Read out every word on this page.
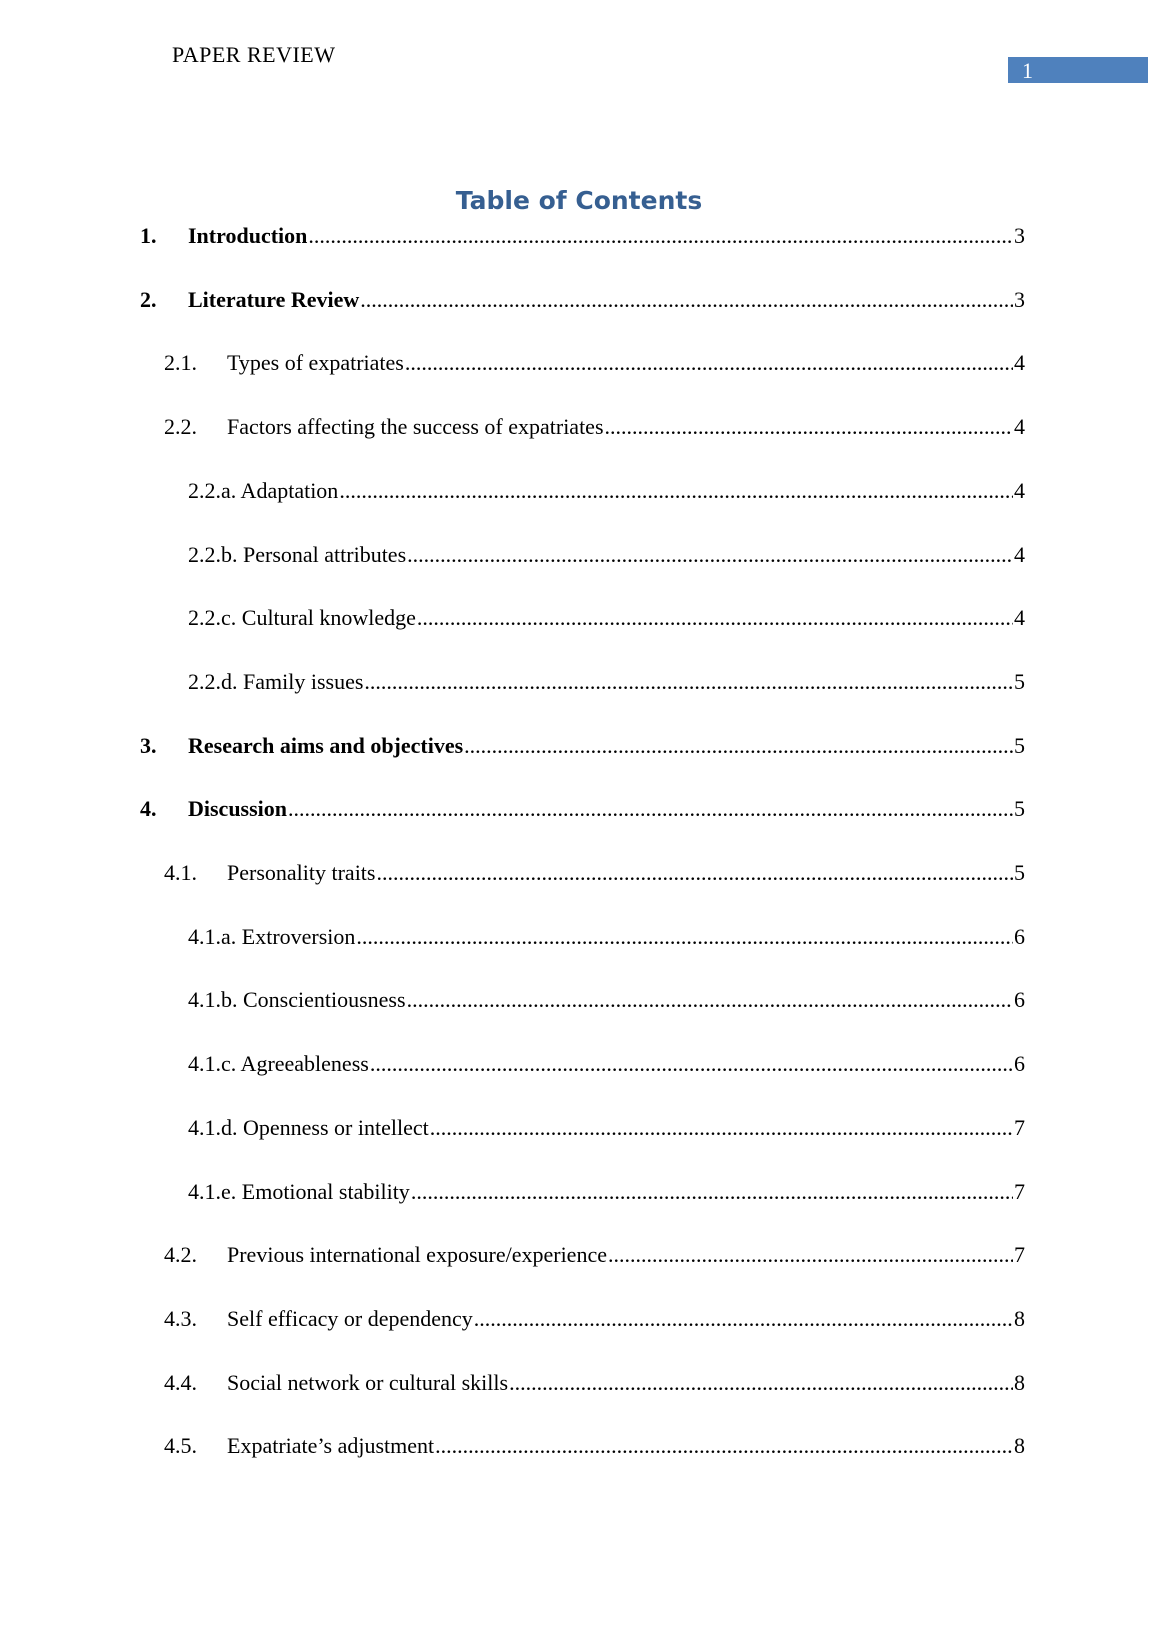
PAPER REVIEW
1
Table of Contents
1.	Introduction .....	3
2.	Literature Review .....	3
2.1.	Types of expatriates .....	4
2.2.	Factors affecting the success of expatriates .....	4
2.2.a. Adaptation .....	4
2.2.b. Personal attributes .....	4
2.2.c. Cultural knowledge .....	4
2.2.d. Family issues .....	5
3.	Research aims and objectives .....	5
4.	Discussion .....	5
4.1.	Personality traits .....	5
4.1.a. Extroversion .....	6
4.1.b. Conscientiousness .....	6
4.1.c. Agreeableness .....	6
4.1.d. Openness or intellect .....	7
4.1.e. Emotional stability .....	7
4.2.	Previous international exposure/experience .....	7
4.3.	Self efficacy or dependency .....	8
4.4.	Social network or cultural skills .....	8
4.5.	Expatriate’s adjustment .....	8
